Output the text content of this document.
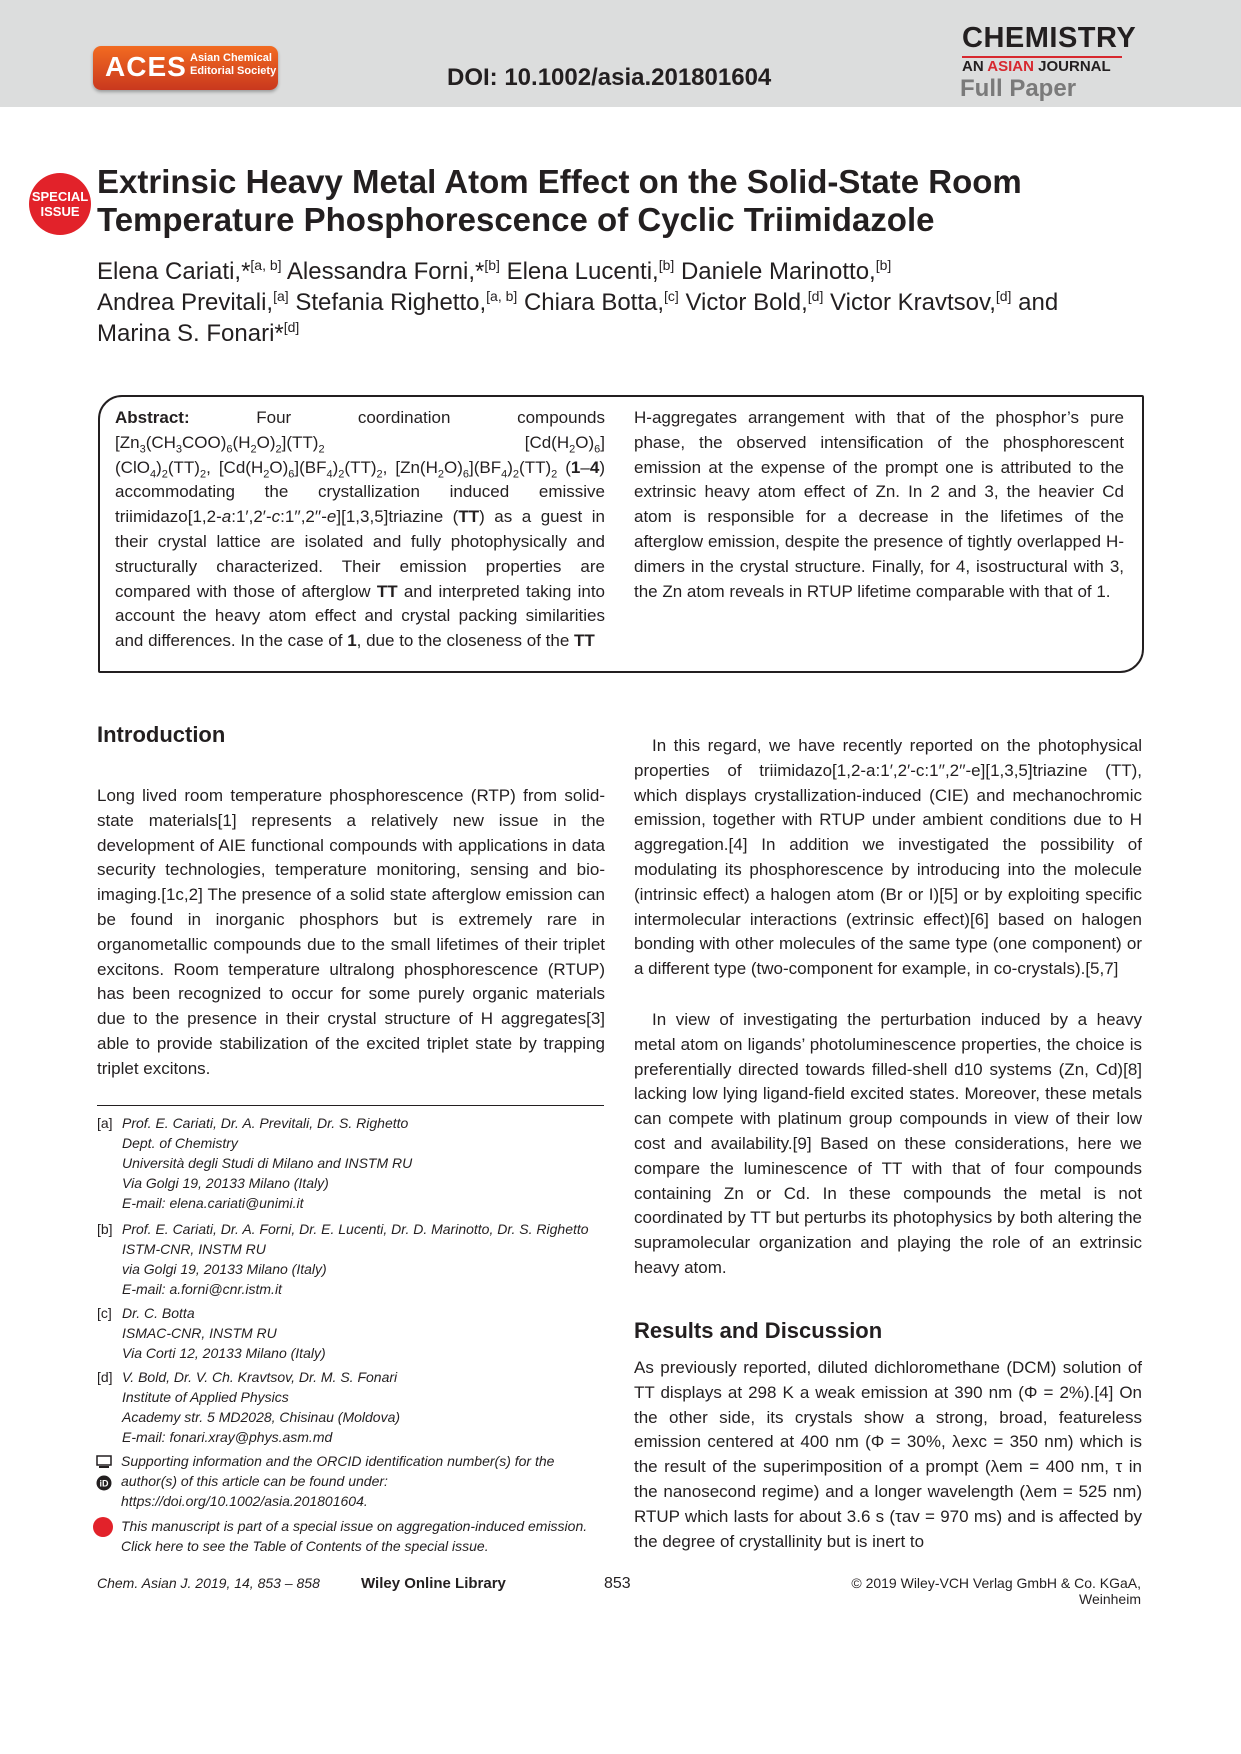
ACES Asian Chemical
Editorial Society	DOI: 10.1002/asia.201801604
CHEMISTRY
AN ASIAN JOURNAL
Full Paper
SPECIAL
ISSUE
Extrinsic Heavy Metal Atom Effect on the Solid-State Room Temperature Phosphorescence of Cyclic Triimidazole
Elena Cariati,*[a, b] Alessandra Forni,*[b] Elena Lucenti,[b] Daniele Marinotto,[b]
Andrea Previtali,[a] Stefania Righetto,[a, b] Chiara Botta,[c] Victor Bold,[d] Victor Kravtsov,[d] and
Marina S. Fonari*[d]
Abstract:             Four             coordination             compounds $[Zn_3(CH_3COO)_6(H_2O)_2](TT)_2$                         $[Cd(H_2O)_6](ClO_4)_2(TT)_2$, $[Cd(H_2O)_6](BF_4)_2(TT)_2$, $[Zn(H_2O)_6](BF_4)_2(TT)_2$ (1–4) accommodating the crystallization induced emissive triimidazo[1,2-a:1′,2′-c:1′′,2′′-e][1,3,5]triazine (TT) as a guest in their crystal lattice are isolated and fully photophysically and structurally characterized. Their emission properties are compared with those of afterglow TT and interpreted taking into account the heavy atom effect and crystal packing similarities and differences. In the case of 1, due to the closeness of the TT
H-aggregates arrangement with that of the phosphor’s pure phase, the observed intensification of the phosphorescent emission at the expense of the prompt one is attributed to the extrinsic heavy atom effect of Zn. In 2 and 3, the heavier Cd atom is responsible for a decrease in the lifetimes of the afterglow emission, despite the presence of tightly overlapped H-dimers in the crystal structure. Finally, for 4, isostructural with 3, the Zn atom reveals in RTUP lifetime comparable with that of 1.
Introduction
Long lived room temperature phosphorescence (RTP) from solid-state materials[1] represents a relatively new issue in the development of AIE functional compounds with applications in data security technologies, temperature monitoring, sensing and bio-imaging.[1c,2] The presence of a solid state afterglow emission can be found in inorganic phosphors but is extremely rare in organometallic compounds due to the small lifetimes of their triplet excitons. Room temperature ultralong phosphorescence (RTUP) has been recognized to occur for some purely organic materials due to the presence in their crystal structure of H aggregates[3] able to provide stabilization of the excited triplet state by trapping triplet excitons.
[a] Prof. E. Cariati, Dr. A. Previtali, Dr. S. Righetto
Dept. of Chemistry
Università degli Studi di Milano and INSTM RU
Via Golgi 19, 20133 Milano (Italy)
E-mail: elena.cariati@unimi.it
[b] Prof. E. Cariati, Dr. A. Forni, Dr. E. Lucenti, Dr. D. Marinotto, Dr. S. Righetto
ISTM-CNR, INSTM RU
via Golgi 19, 20133 Milano (Italy)
E-mail: a.forni@cnr.istm.it
[c] Dr. C. Botta
ISMAC-CNR, INSTM RU
Via Corti 12, 20133 Milano (Italy)
[d] V. Bold, Dr. V. Ch. Kravtsov, Dr. M. S. Fonari
Institute of Applied Physics
Academy str. 5 MD2028, Chisinau (Moldova)
E-mail: fonari.xray@phys.asm.md
iD
Supporting information and the ORCID identification number(s) for the author(s) of this article can be found under: https://doi.org/10.1002/asia.201801604.
This manuscript is part of a special issue on aggregation-induced emission. Click here to see the Table of Contents of the special issue.
In this regard, we have recently reported on the photophysical properties of triimidazo[1,2-a:1′,2′-c:1′′,2′′-e][1,3,5]triazine (TT), which displays crystallization-induced (CIE) and mechanochromic emission, together with RTUP under ambient conditions due to H aggregation.[4] In addition we investigated the possibility of modulating its phosphorescence by introducing into the molecule (intrinsic effect) a halogen atom (Br or I)[5] or by exploiting specific intermolecular interactions (extrinsic effect)[6] based on halogen bonding with other molecules of the same type (one component) or a different type (two-component for example, in co-crystals).[5,7]
In view of investigating the perturbation induced by a heavy metal atom on ligands’ photoluminescence properties, the choice is preferentially directed towards filled-shell d10 systems (Zn, Cd)[8] lacking low lying ligand-field excited states. Moreover, these metals can compete with platinum group compounds in view of their low cost and availability.[9] Based on these considerations, here we compare the luminescence of TT with that of four compounds containing Zn or Cd. In these compounds the metal is not coordinated by TT but perturbs its photophysics by both altering the supramolecular organization and playing the role of an extrinsic heavy atom.
Results and Discussion
As previously reported, diluted dichloromethane (DCM) solution of TT displays at 298 K a weak emission at 390 nm (Φ = 2%).[4] On the other side, its crystals show a strong, broad, featureless emission centered at 400 nm (Φ = 30%, λexc = 350 nm) which is the result of the superimposition of a prompt (λem = 400 nm, τ in the nanosecond regime) and a longer wavelength (λem = 525 nm) RTUP which lasts for about 3.6 s (τav = 970 ms) and is affected by the degree of crystallinity but is inert to
Chem. Asian J. 2019, 14, 853 – 858	Wiley Online Library	853	© 2019 Wiley-VCH Verlag GmbH & Co. KGaA, Weinheim
